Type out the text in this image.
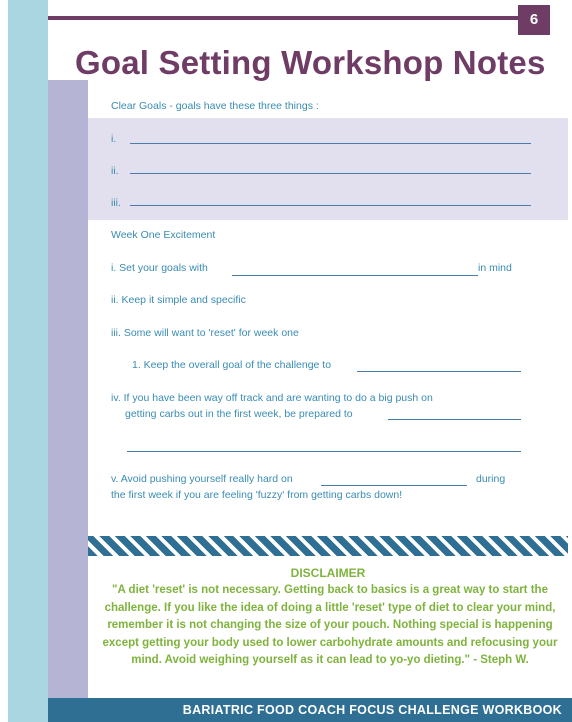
6
Goal Setting Workshop Notes
Clear Goals - goals have these three things :
i.
ii.
iii.
Week One Excitement
i. Set your goals with	in mind
ii. Keep it simple and specific
iii. Some will want to 'reset' for week one
1. Keep the overall goal of the challenge to
iv. If you have been way off track and are wanting to do a big push on
getting carbs out in the first week, be prepared to
v. Avoid pushing yourself really hard on	during
the first week if you are feeling 'fuzzy' from getting carbs down!
DISCLAIMER

"A diet 'reset' is not necessary. Getting back to basics is a great way to start the challenge. If you like the idea of doing a little 'reset' type of diet to clear your mind, remember it is not changing the size of your pouch. Nothing special is happening except getting your body used to lower carbohydrate amounts and refocusing your mind. Avoid weighing yourself as it can lead to yo-yo dieting." - Steph W.

BARIATRIC FOOD COACH FOCUS CHALLENGE WORKBOOK
